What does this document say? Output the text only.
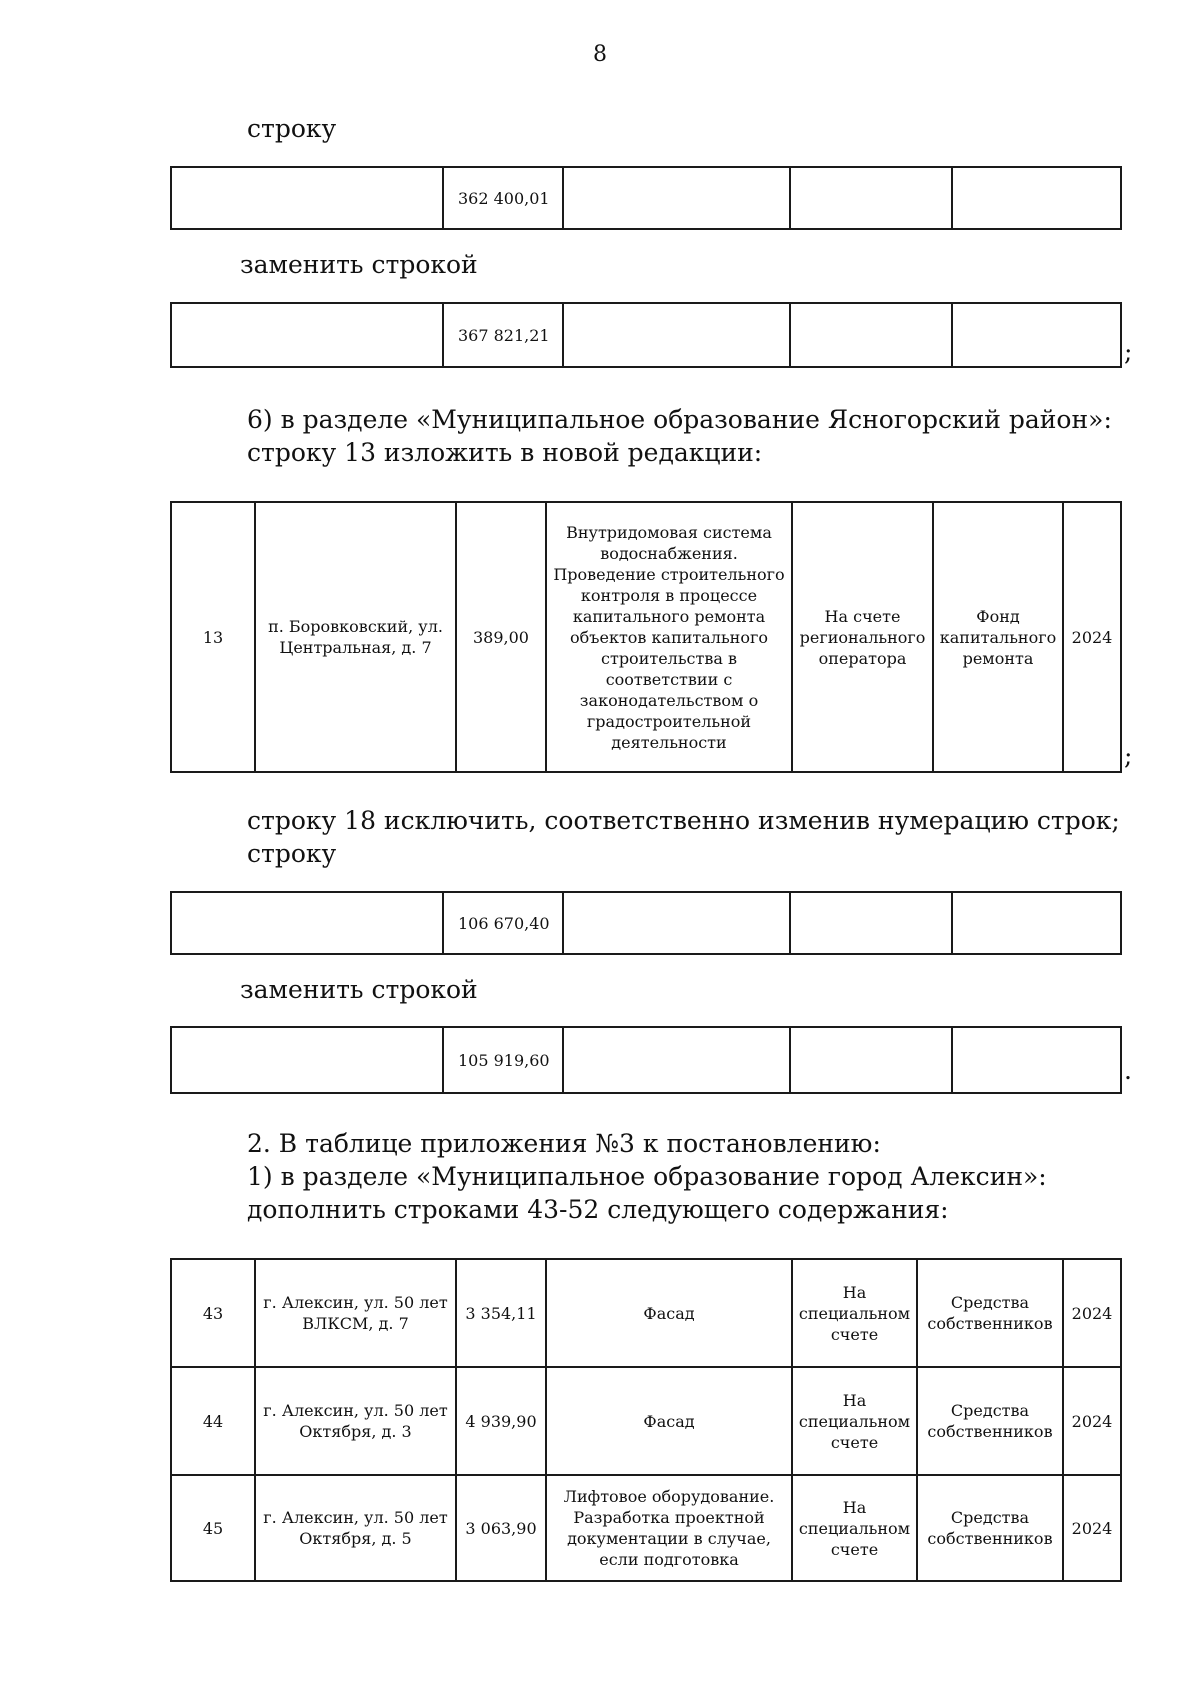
8
строку
	362 400,01			
заменить строкой
	367 821,21			
;
6) в разделе «Муниципальное образование Ясногорский район»:
строку 13 изложить в новой редакции:
13	п. Боровковский, ул. Центральная, д. 7	389,00	Внутридомовая система водоснабжения. Проведение строительного контроля в процессе капитального ремонта объектов капитального строительства в соответствии с законодательством о градостроительной деятельности	На счете регионального оператора	Фонд капитального ремонта	2024
;
строку 18 исключить, соответственно изменив нумерацию строк;
строку
	106 670,40			
заменить строкой
	105 919,60				.
2. В таблице приложения №3 к постановлению:
1) в разделе «Муниципальное образование город Алексин»:
дополнить строками 43-52 следующего содержания:
43	г. Алексин, ул. 50 лет ВЛКСМ, д. 7	3 354,11	Фасад	На специальном счете	Средства собственников	2024
44	г. Алексин, ул. 50 лет Октября, д. 3	4 939,90	Фасад	На специальном счете	Средства собственников	2024
45	г. Алексин, ул. 50 лет Октября, д. 5	3 063,90	Лифтовое оборудование. Разработка проектной документации в случае, если подготовка	На специальном счете	Средства собственников	2024
